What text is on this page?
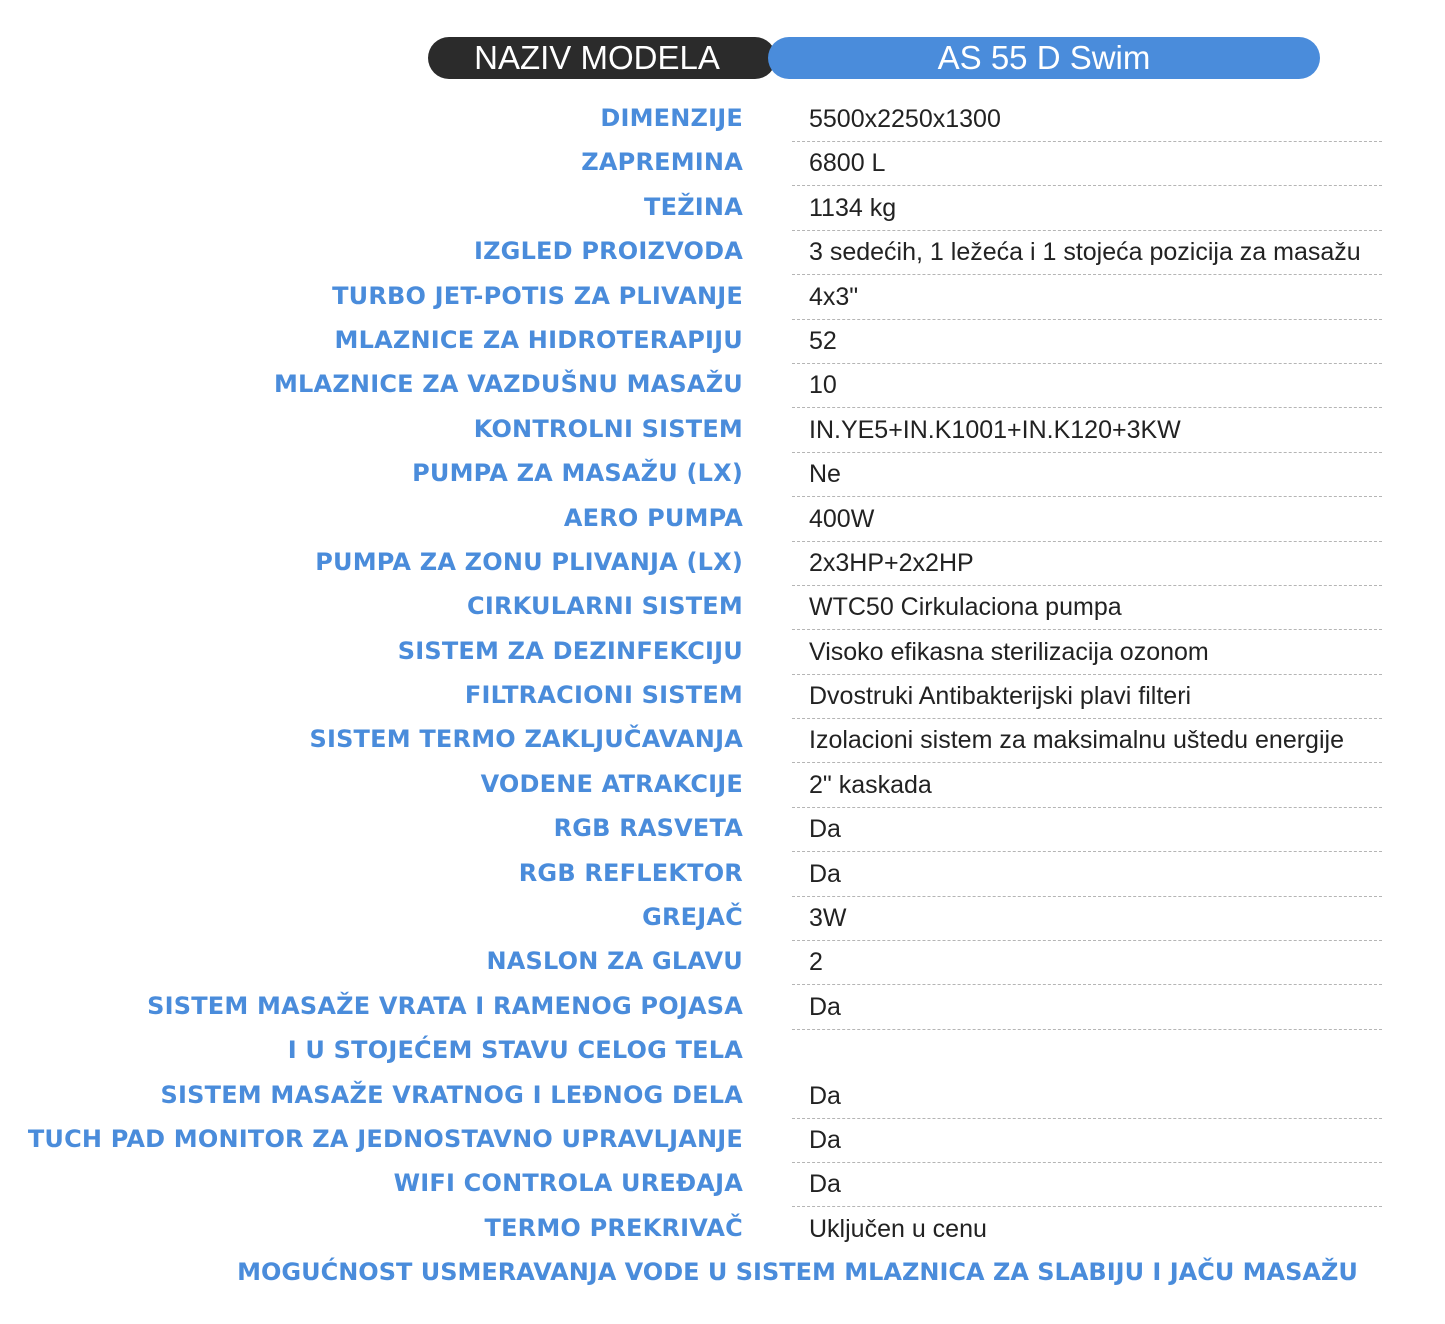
NAZIV MODELA	AS 55 D Swim
DIMENZIJE	5500x2250x1300
ZAPREMINA	6800 L
TEŽINA	1134 kg
IZGLED PROIZVODA	3 sedećih, 1 ležeća i 1 stojeća pozicija za masažu
TURBO JET-POTIS ZA PLIVANJE	4x3"
MLAZNICE ZA HIDROTERAPIJU	52
MLAZNICE ZA VAZDUŠNU MASAŽU	10
KONTROLNI SISTEM	IN.YE5+IN.K1001+IN.K120+3KW
PUMPA ZA MASAŽU (LX)	Ne
AERO PUMPA	400W
PUMPA ZA ZONU PLIVANJA (LX)	2x3HP+2x2HP
CIRKULARNI SISTEM	WTC50 Cirkulaciona pumpa
SISTEM ZA DEZINFEKCIJU	Visoko efikasna sterilizacija ozonom
FILTRACIONI SISTEM	Dvostruki Antibakterijski plavi filteri
SISTEM TERMO ZAKLJUČAVANJA	Izolacioni sistem za maksimalnu uštedu energije
VODENE ATRAKCIJE	2" kaskada
RGB RASVETA	Da
RGB REFLEKTOR	Da
GREJAČ	3W
NASLON ZA GLAVU	2
SISTEM MASAŽE VRATA I RAMENOG POJASA	Da
I U STOJEĆEM STAVU CELOG TELA
SISTEM MASAŽE VRATNOG I LEĐNOG DELA	Da
TUCH PAD MONITOR ZA JEDNOSTAVNO UPRAVLJANJE	Da
WIFI CONTROLA UREĐAJA	Da
TERMO PREKRIVAČ	Uključen u cenu
MOGUĆNOST USMERAVANJA VODE U SISTEM MLAZNICA ZA SLABIJU I JAČU MASAŽU
